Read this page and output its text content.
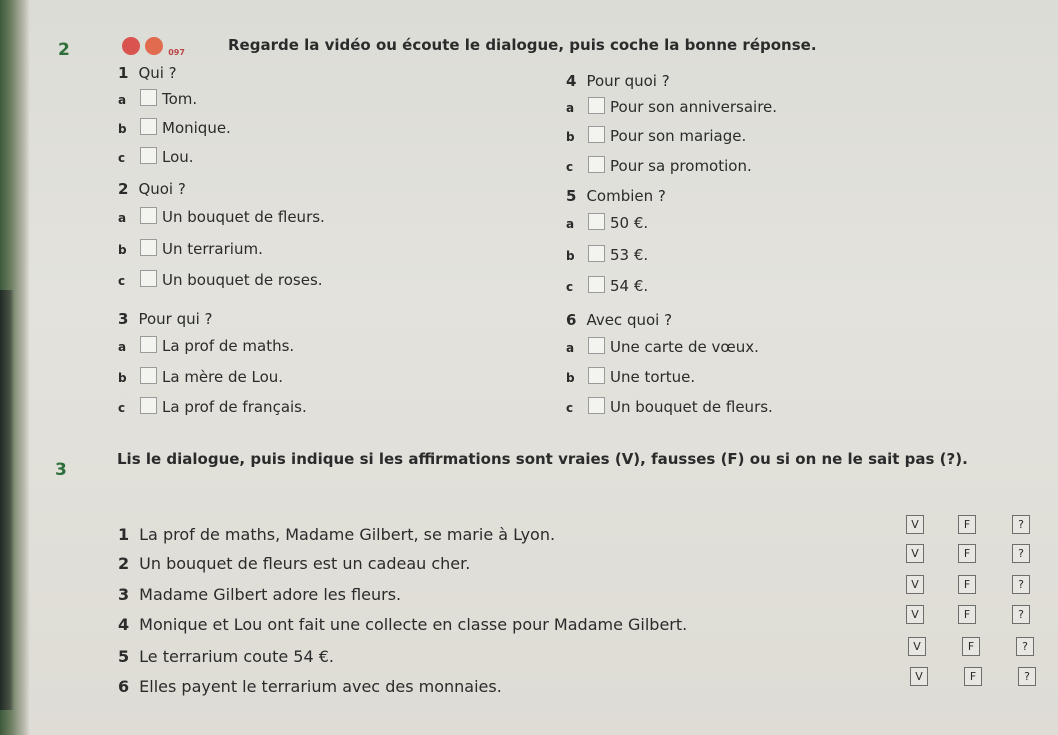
2	097	Regarde la vidéo ou écoute le dialogue, puis coche la bonne réponse.
1 Qui ?
a Tom.
b Monique.
c Lou.
2 Quoi ?
a Un bouquet de fleurs.
b Un terrarium.
c Un bouquet de roses.
3 Pour qui ?
a La prof de maths.
b La mère de Lou.
c La prof de français.
4 Pour quoi ?
a Pour son anniversaire.
b Pour son mariage.
c Pour sa promotion.
5 Combien ?
a 50 €.
b 53 €.
c 54 €.
6 Avec quoi ?
a Une carte de vœux.
b Une tortue.
c Un bouquet de fleurs.
3
Lis le dialogue, puis indique si les affirmations sont vraies (V), fausses (F) ou si on ne le sait pas (?).
1 La prof de maths, Madame Gilbert, se marie à Lyon.
V	F	?
2 Un bouquet de fleurs est un cadeau cher.
V	F	?
3 Madame Gilbert adore les fleurs.
V	F	?
4 Monique et Lou ont fait une collecte en classe pour Madame Gilbert.
V	F	?
5 Le terrarium coute 54 €.
V	F	?
6 Elles payent le terrarium avec des monnaies.
V	F	?
